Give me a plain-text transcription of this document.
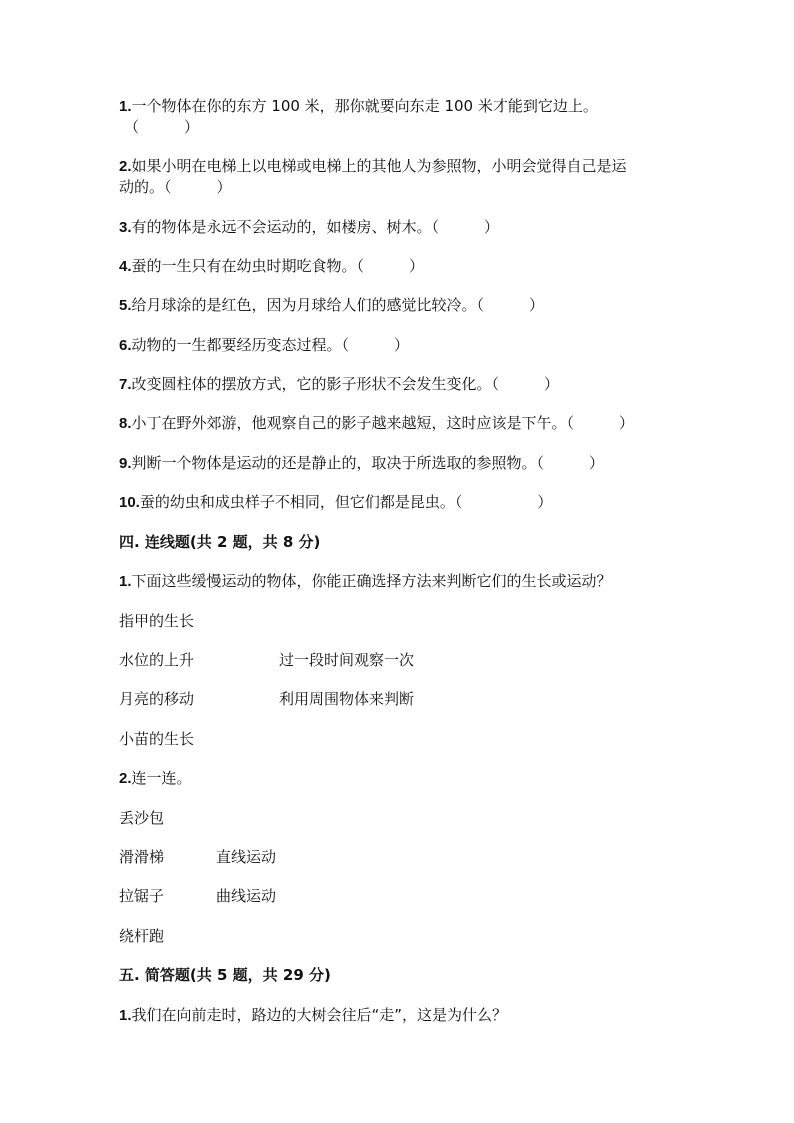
1.一个物体在你的东方 100 米，那你就要向东走 100 米才能到它边上。
（　　　）
2.如果小明在电梯上以电梯或电梯上的其他人为参照物，小明会觉得自己是运
动的。（　　　）
3.有的物体是永远不会运动的，如楼房、树木。（　　　）
4.蚕的一生只有在幼虫时期吃食物。（　　　）
5.给月球涂的是红色，因为月球给人们的感觉比较冷。（　　　）
6.动物的一生都要经历变态过程。（　　　）
7.改变圆柱体的摆放方式，它的影子形状不会发生变化。（　　　）
8.小丁在野外郊游，他观察自己的影子越来越短，这时应该是下午。（　　　）
9.判断一个物体是运动的还是静止的，取决于所选取的参照物。（　　　）
10.蚕的幼虫和成虫样子不相同，但它们都是昆虫。（　　　　　）
四. 连线题(共 2 题，共 8 分)
1.下面这些缓慢运动的物体，你能正确选择方法来判断它们的生长或运动？
指甲的生长
水位的上升	过一段时间观察一次
月亮的移动	利用周围物体来判断
小苗的生长
2.连一连。
丢沙包
滑滑梯	直线运动
拉锯子	曲线运动
绕杆跑
五. 简答题(共 5 题，共 29 分)
1.我们在向前走时，路边的大树会往后“走”，这是为什么？
